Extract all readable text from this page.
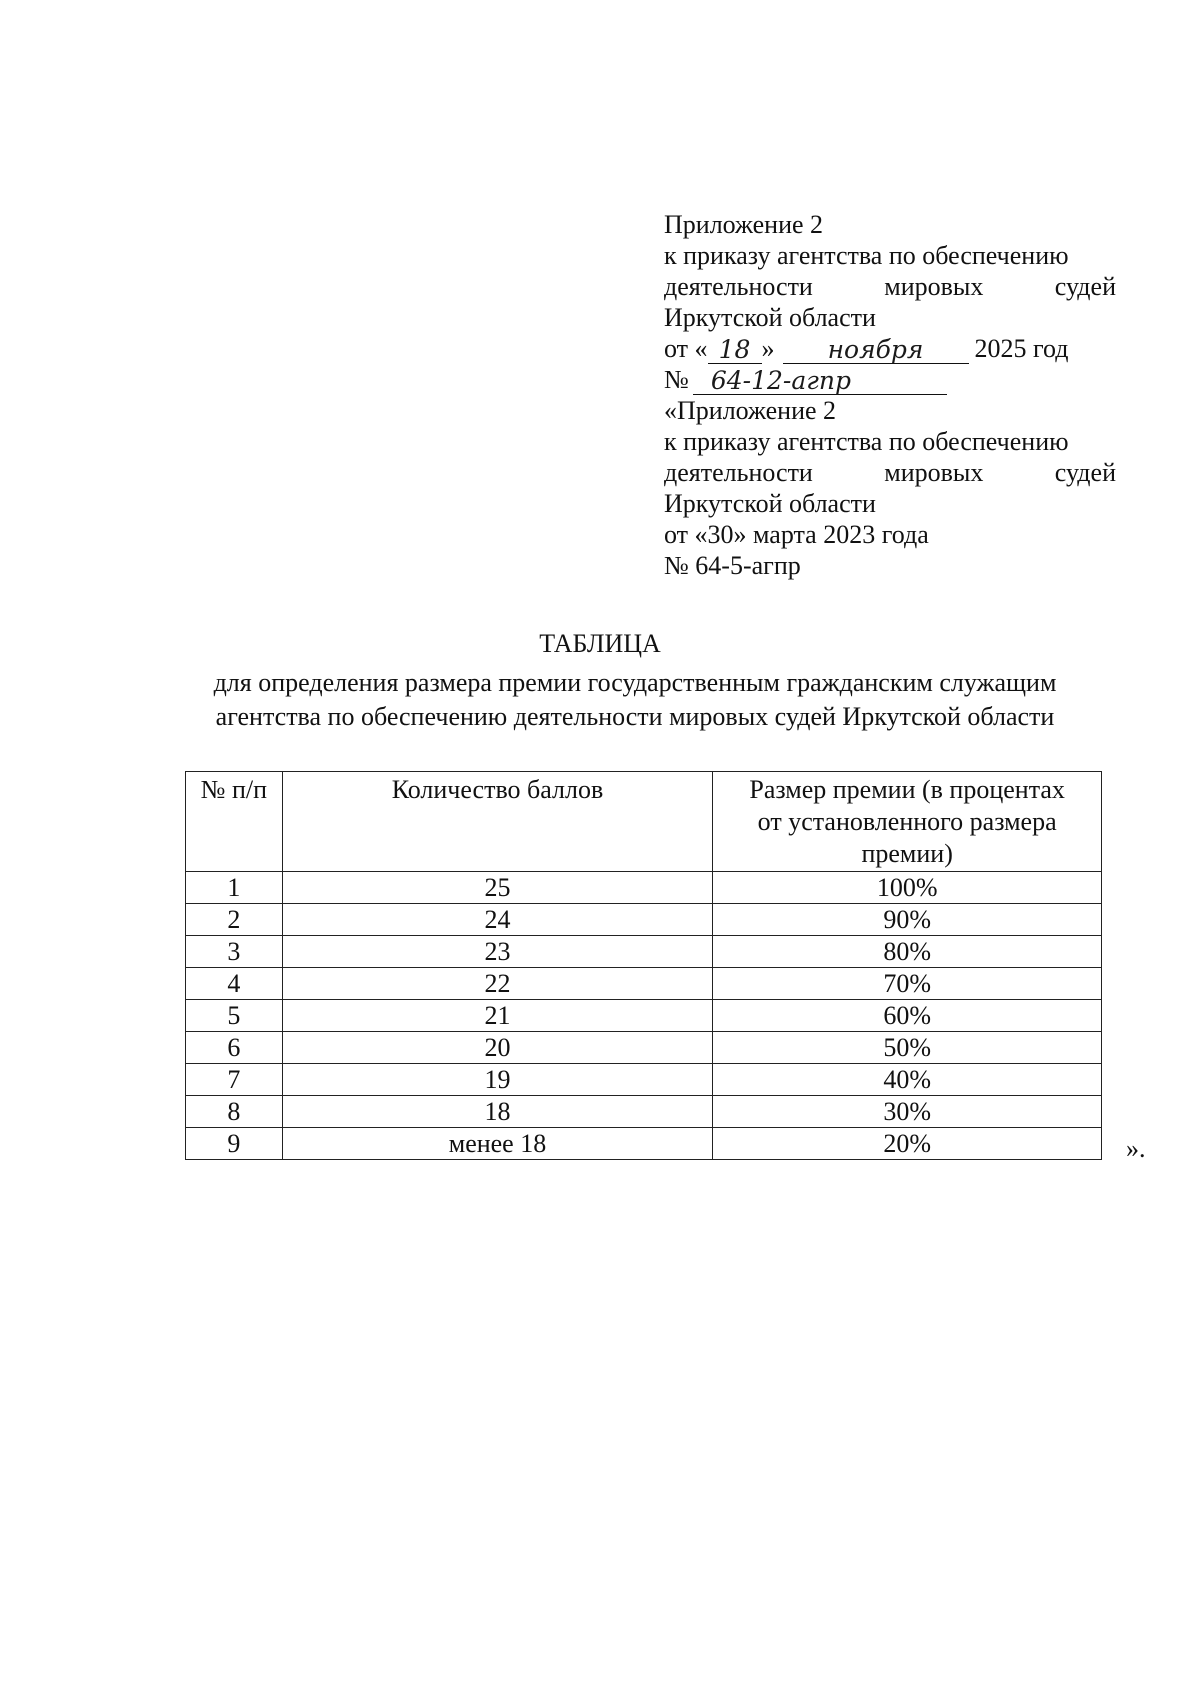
Приложение 2
к приказу агентства по обеспечению
деятельности	мировых	судей
Иркутской области
от « 18 »	ноября	2025 год
№ 64-12-агпр
«Приложение 2
к приказу агентства по обеспечению
деятельности	мировых	судей
Иркутской области
от «30» марта 2023 года
№ 64-5-агпр
ТАБЛИЦА
для определения размера премии государственным гражданским служащим
агентства по обеспечению деятельности мировых судей Иркутской области
№ п/п	Количество баллов	Размер премии (в процентах
от установленного размера
премии)

1	25	100%
2	24	90%
3	23	80%
4	22	70%
5	21	60%
6	20	50%
7	19	40%
8	18	30%
9	менее 18	20%	».
